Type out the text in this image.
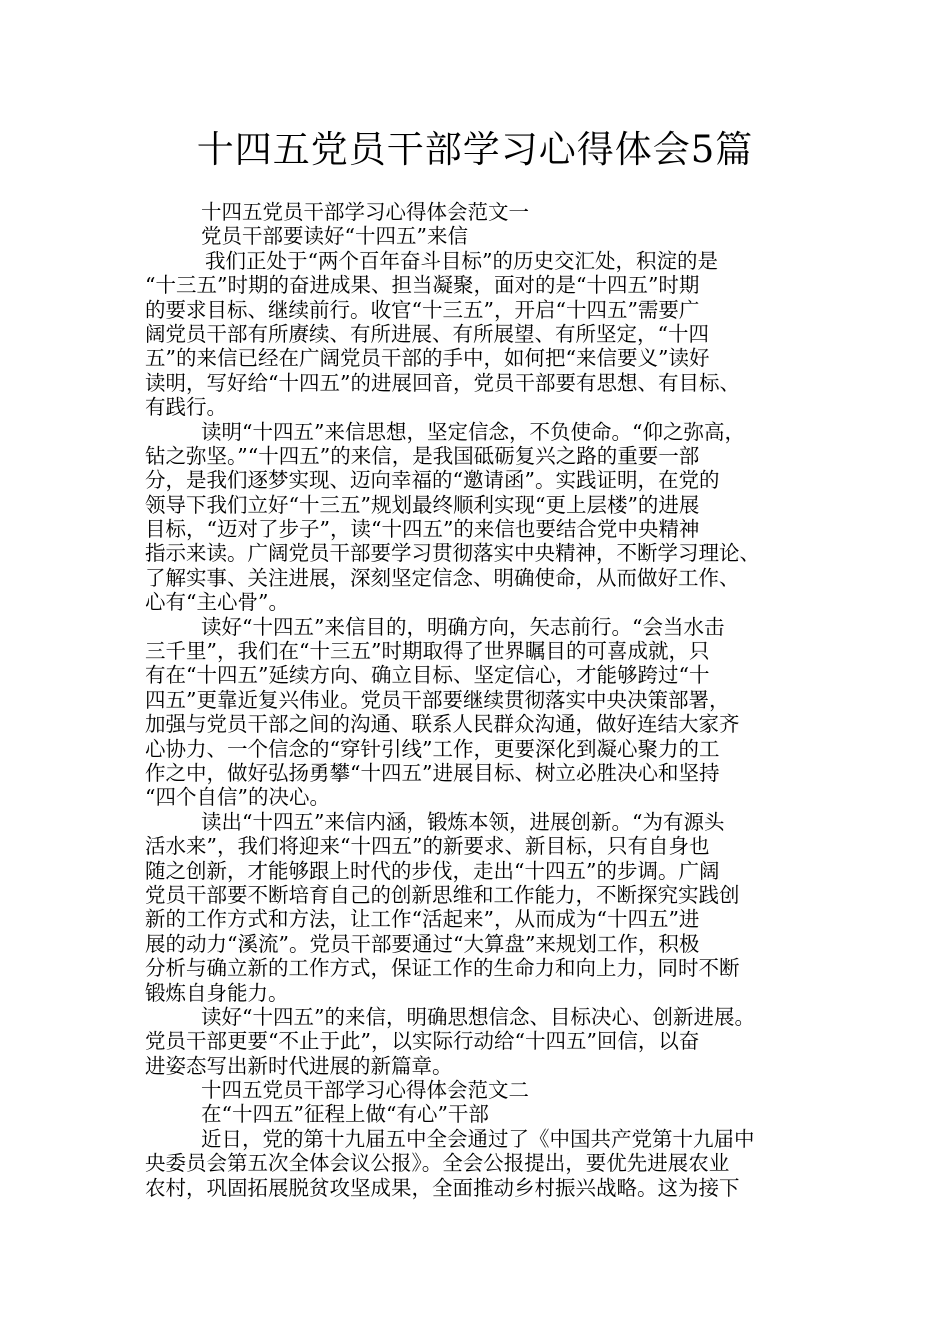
十四五党员干部学习心得体会5篇
十四五党员干部学习心得体会范文一
党员干部要读好“十四五”来信
我们正处于“两个百年奋斗目标”的历史交汇处，积淀的是
“十三五”时期的奋进成果、担当凝聚，面对的是“十四五”时期
的要求目标、继续前行。收官“十三五”，开启“十四五”需要广
阔党员干部有所赓续、有所进展、有所展望、有所坚定，“十四
五”的来信已经在广阔党员干部的手中，如何把“来信要义”读好
读明，写好给“十四五”的进展回音，党员干部要有思想、有目标、
有践行。
读明“十四五”来信思想，坚定信念，不负使命。“仰之弥高，
钻之弥坚。”“十四五”的来信，是我国砥砺复兴之路的重要一部
分，是我们逐梦实现、迈向幸福的“邀请函”。实践证明，在党的
领导下我们立好“十三五”规划最终顺利实现“更上层楼”的进展
目标，“迈对了步子”，读“十四五”的来信也要结合党中央精神
指示来读。广阔党员干部要学习贯彻落实中央精神，不断学习理论、
了解实事、关注进展，深刻坚定信念、明确使命，从而做好工作、
心有“主心骨”。
读好“十四五”来信目的，明确方向，矢志前行。“会当水击
三千里”，我们在“十三五”时期取得了世界瞩目的可喜成就，只
有在“十四五”延续方向、确立目标、坚定信心，才能够跨过“十
四五”更靠近复兴伟业。党员干部要继续贯彻落实中央决策部署，
加强与党员干部之间的沟通、联系人民群众沟通，做好连结大家齐
心协力、一个信念的“穿针引线”工作，更要深化到凝心聚力的工
作之中，做好弘扬勇攀“十四五”进展目标、树立必胜决心和坚持
“四个自信”的决心。
读出“十四五”来信内涵，锻炼本领，进展创新。“为有源头
活水来”，我们将迎来“十四五”的新要求、新目标，只有自身也
随之创新，才能够跟上时代的步伐，走出“十四五”的步调。广阔
党员干部要不断培育自己的创新思维和工作能力，不断探究实践创
新的工作方式和方法，让工作“活起来”，从而成为“十四五”进
展的动力“溪流”。党员干部要通过“大算盘”来规划工作，积极
分析与确立新的工作方式，保证工作的生命力和向上力，同时不断
锻炼自身能力。
读好“十四五”的来信，明确思想信念、目标决心、创新进展。
党员干部更要“不止于此”，以实际行动给“十四五”回信，以奋
进姿态写出新时代进展的新篇章。
十四五党员干部学习心得体会范文二
在“十四五”征程上做“有心”干部
近日，党的第十九届五中全会通过了《中国共产党第十九届中
央委员会第五次全体会议公报》。全会公报提出，要优先进展农业
农村，巩固拓展脱贫攻坚成果，全面推动乡村振兴战略。这为接下
